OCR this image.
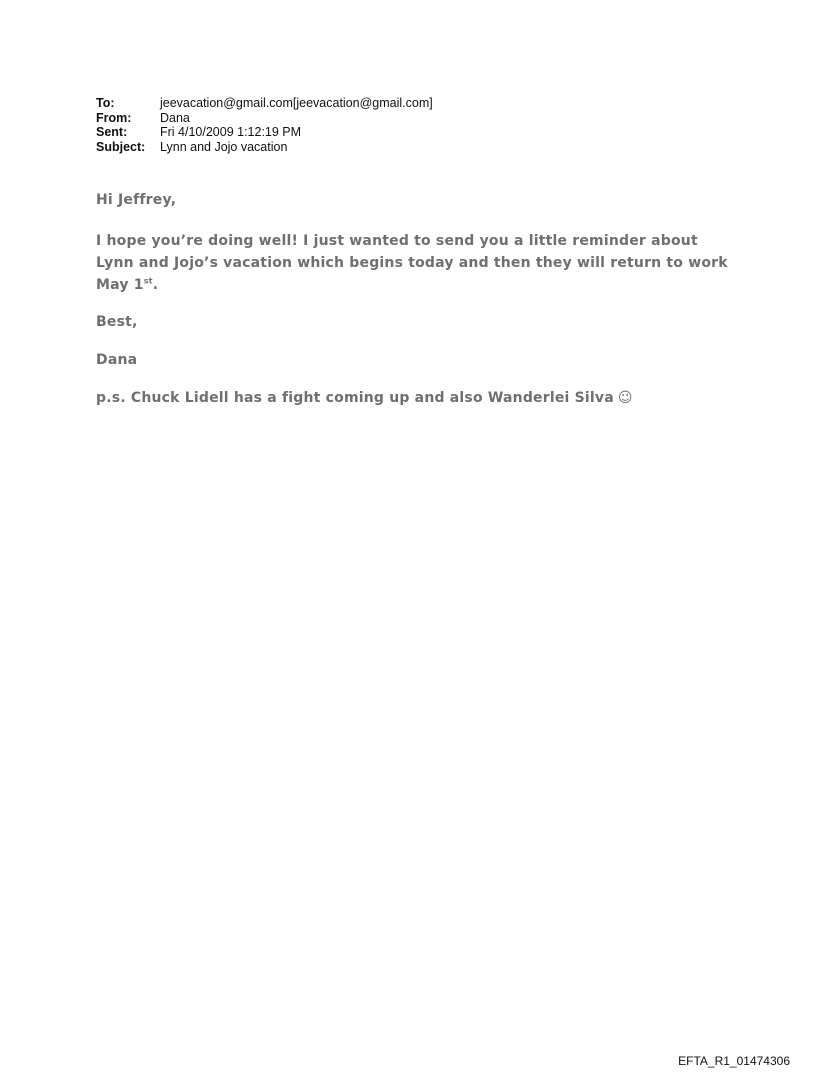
To:	jeevacation@gmail.com[jeevacation@gmail.com]
From:	Dana
Sent:	Fri 4/10/2009 1:12:19 PM
Subject:	Lynn and Jojo vacation
Hi Jeffrey,
I hope you’re doing well! I just wanted to send you a little reminder about Lynn and Jojo’s vacation which begins today and then they will return to work May 1st.
Best,
Dana
p.s. Chuck Lidell has a fight coming up and also Wanderlei Silva ☺
EFTA_R1_01474306
